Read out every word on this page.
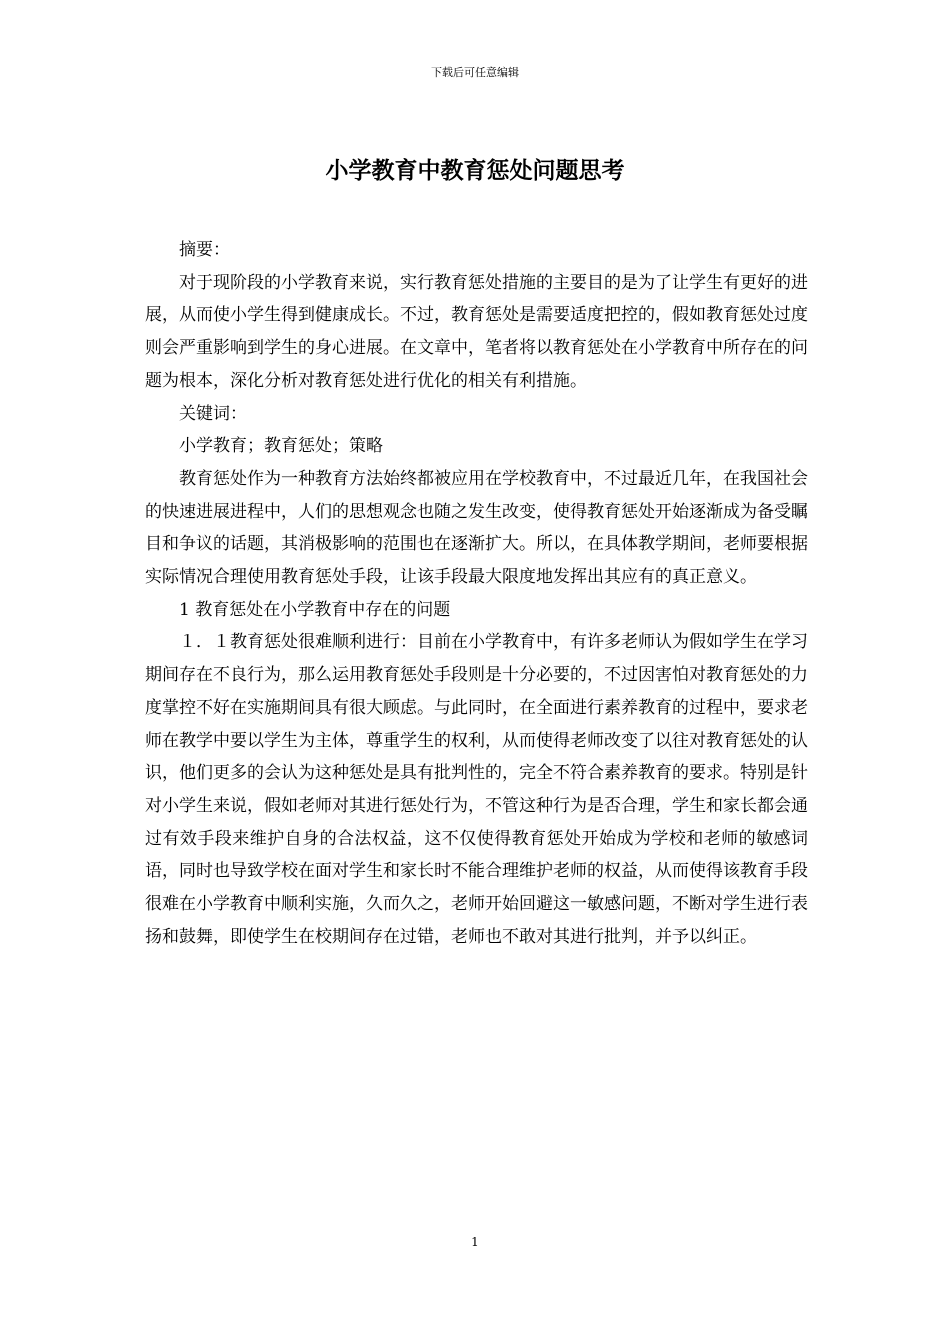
下载后可任意编辑
小学教育中教育惩处问题思考

摘要：

对于现阶段的小学教育来说，实行教育惩处措施的主要目的是为了让学生有更好的进展，从而使小学生得到健康成长。不过，教育惩处是需要适度把控的，假如教育惩处过度则会严重影响到学生的身心进展。在文章中，笔者将以教育惩处在小学教育中所存在的问题为根本，深化分析对教育惩处进行优化的相关有利措施。

关键词：

小学教育；教育惩处；策略

教育惩处作为一种教育方法始终都被应用在学校教育中，不过最近几年，在我国社会的快速进展进程中，人们的思想观念也随之发生改变，使得教育惩处开始逐渐成为备受瞩目和争议的话题，其消极影响的范围也在逐渐扩大。所以，在具体教学期间，老师要根据实际情况合理使用教育惩处手段，让该手段最大限度地发挥出其应有的真正意义。

1 教育惩处在小学教育中存在的问题

１．１教育惩处很难顺利进行：目前在小学教育中，有许多老师认为假如学生在学习期间存在不良行为，那么运用教育惩处手段则是十分必要的，不过因害怕对教育惩处的力度掌控不好在实施期间具有很大顾虑。与此同时，在全面进行素养教育的过程中，要求老师在教学中要以学生为主体，尊重学生的权利，从而使得老师改变了以往对教育惩处的认识，他们更多的会认为这种惩处是具有批判性的，完全不符合素养教育的要求。特别是针对小学生来说，假如老师对其进行惩处行为，不管这种行为是否合理，学生和家长都会通过有效手段来维护自身的合法权益，这不仅使得教育惩处开始成为学校和老师的敏感词语，同时也导致学校在面对学生和家长时不能合理维护老师的权益，从而使得该教育手段很难在小学教育中顺利实施，久而久之，老师开始回避这一敏感问题，不断对学生进行表扬和鼓舞，即使学生在校期间存在过错，老师也不敢对其进行批判，并予以纠正。

1
